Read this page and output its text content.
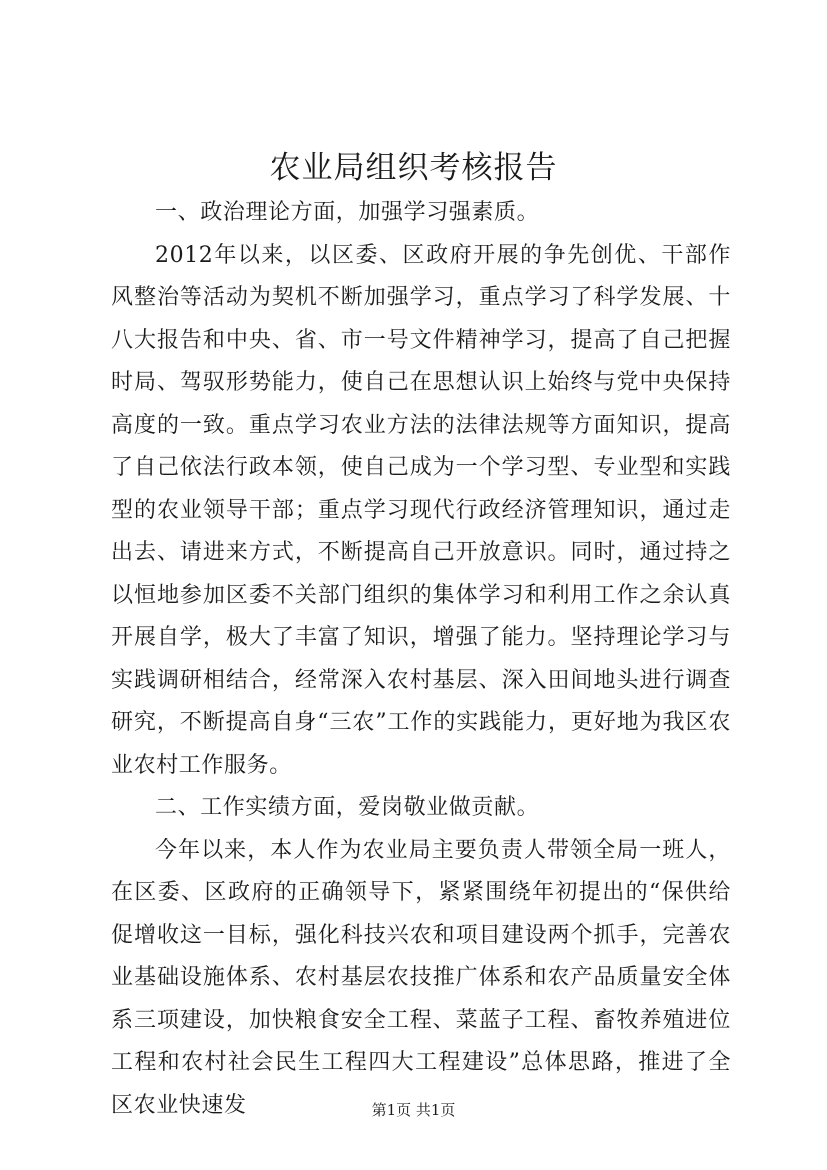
农业局组织考核报告

一、政治理论方面，加强学习强素质。

2012年以来，以区委、区政府开展的争先创优、干部作风整治等活动为契机不断加强学习，重点学习了科学发展、十八大报告和中央、省、市一号文件精神学习，提高了自己把握时局、驾驭形势能力，使自己在思想认识上始终与党中央保持高度的一致。重点学习农业方法的法律法规等方面知识，提高了自己依法行政本领，使自己成为一个学习型、专业型和实践型的农业领导干部；重点学习现代行政经济管理知识，通过走出去、请进来方式，不断提高自己开放意识。同时，通过持之以恒地参加区委不关部门组织的集体学习和利用工作之余认真开展自学，极大了丰富了知识，增强了能力。坚持理论学习与实践调研相结合，经常深入农村基层、深入田间地头进行调查研究，不断提高自身“三农”工作的实践能力，更好地为我区农业农村工作服务。

二、工作实绩方面，爱岗敬业做贡献。

今年以来，本人作为农业局主要负责人带领全局一班人，在区委、区政府的正确领导下，紧紧围绕年初提出的“保供给促增收这一目标，强化科技兴农和项目建设两个抓手，完善农业基础设施体系、农村基层农技推广体系和农产品质量安全体系三项建设，加快粮食安全工程、菜蓝子工程、畜牧养殖进位工程和农村社会民生工程四大工程建设”总体思路，推进了全区农业快速发	第1页 共1页
